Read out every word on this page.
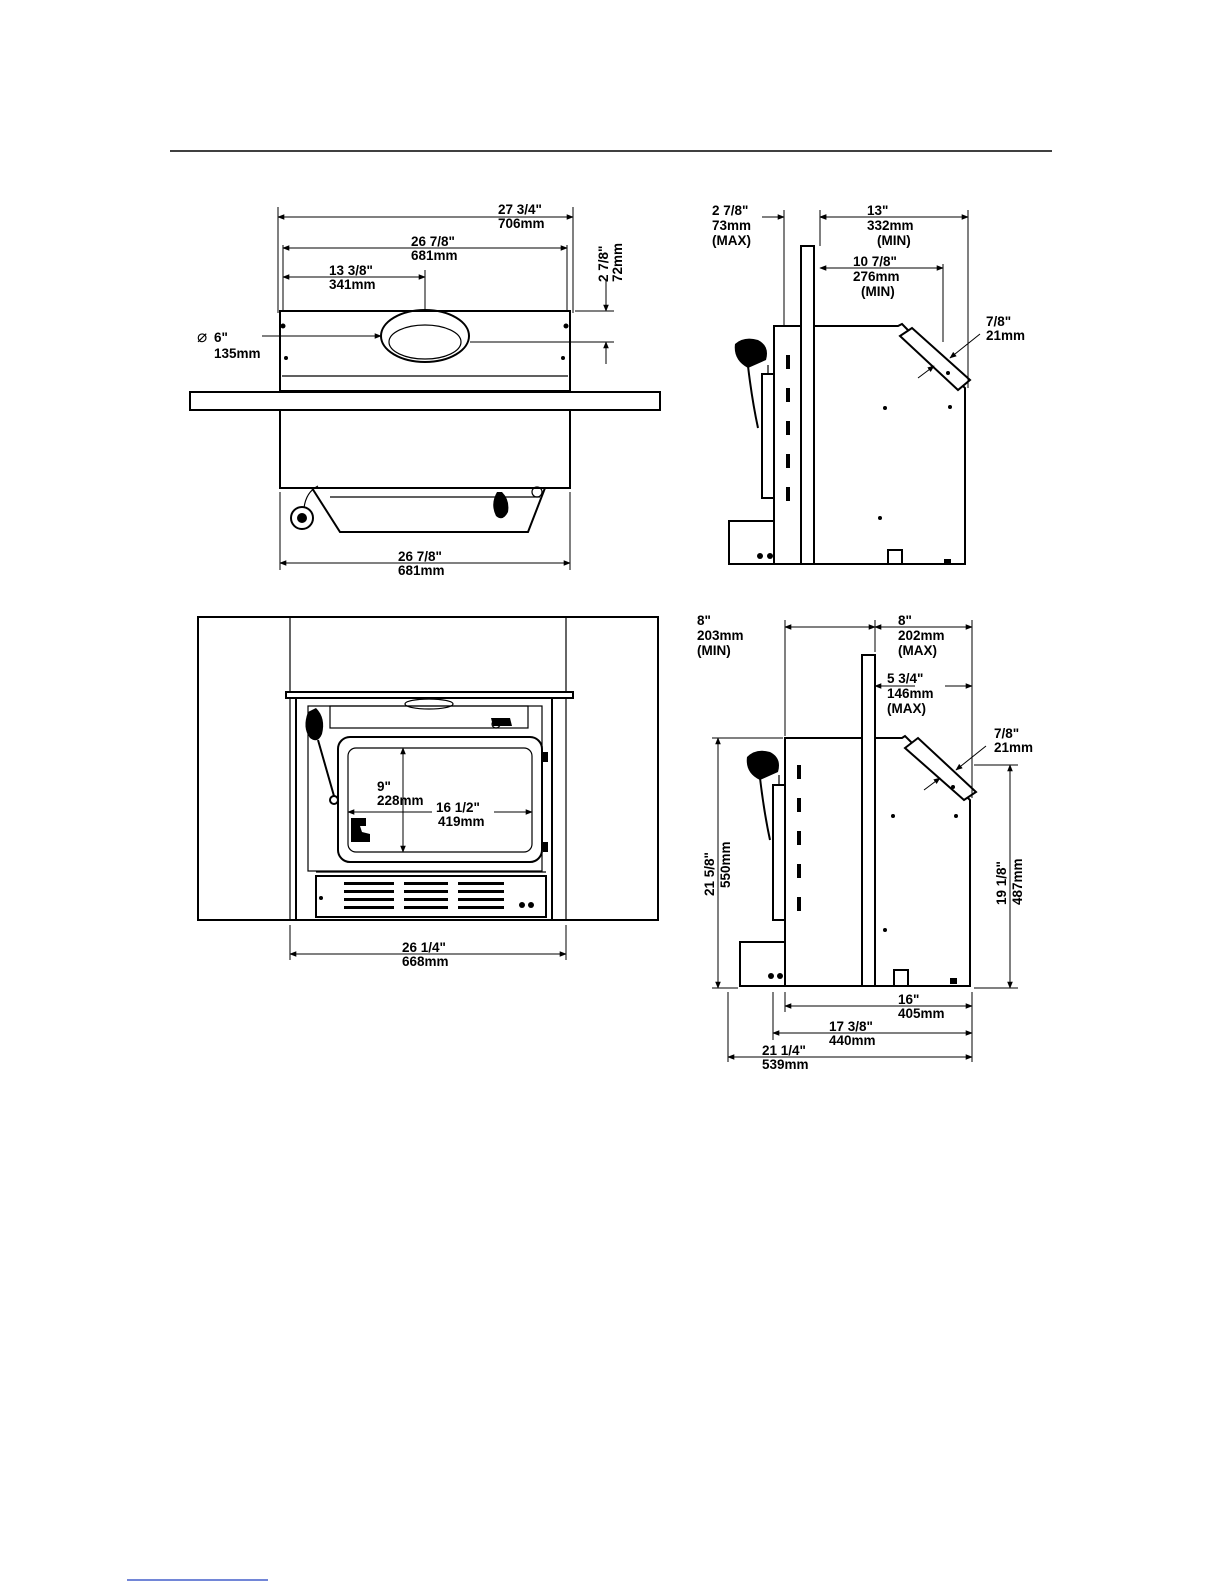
27 3/4"
706mm
26 7/8"
681mm
13 3/8"
341mm
2 7/8" 72mm
⌀ 6"
135mm
26 7/8"
681mm
2 7/8"
73mm
(MAX)
13"
332mm
(MIN)
10 7/8"
276mm
(MIN)
7/8"
21mm
9"
228mm 16 1/2"
419mm
26 1/4"
668mm
8"
203mm
(MIN)
8"
202mm
(MAX)
5 3/4"
146mm
(MAX)
7/8"
21mm
21 5/8" 550mm	19 1/8" 487mm
16"
405mm
17 3/8"
440mm
21 1/4"
539mm
